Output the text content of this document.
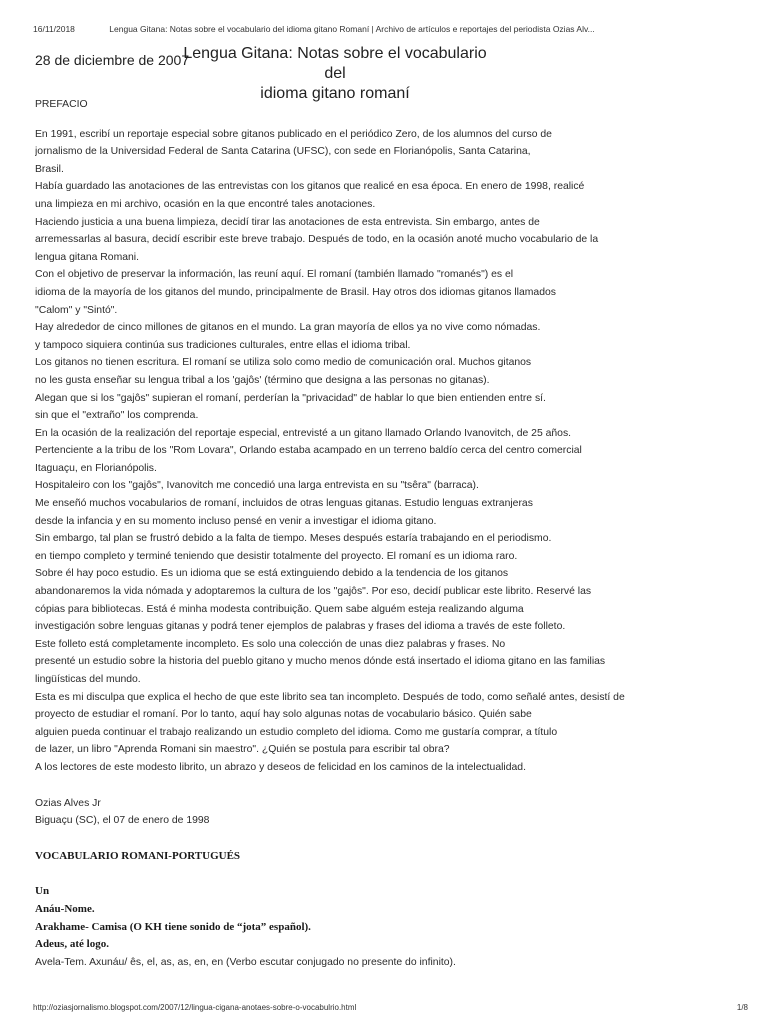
16/11/2018	Lengua Gitana: Notas sobre el vocabulario del idioma gitano Romaní | Archivo de artículos e reportajes del periodista Ozias Alv...
28 de diciembre de 2007
Lengua Gitana: Notas sobre el vocabulario del
idioma gitano romaní
PREFACIO
En 1991, escribí un reportaje especial sobre gitanos publicado en el periódico Zero, de los alumnos del curso de
jornalismo de la Universidad Federal de Santa Catarina (UFSC), con sede en Florianópolis, Santa Catarina,
Brasil.
Había guardado las anotaciones de las entrevistas con los gitanos que realicé en esa época. En enero de 1998, realicé
una limpieza en mi archivo, ocasión en la que encontré tales anotaciones.
Haciendo justicia a una buena limpieza, decidí tirar las anotaciones de esta entrevista. Sin embargo, antes de
arremessarlas al basura, decidí escribir este breve trabajo. Después de todo, en la ocasión anoté mucho vocabulario de la
lengua gitana Romani.
Con el objetivo de preservar la información, las reuní aquí. El romaní (también llamado "romanés") es el
idioma de la mayoría de los gitanos del mundo, principalmente de Brasil. Hay otros dos idiomas gitanos llamados
"Calom" y "Sintó".
Hay alrededor de cinco millones de gitanos en el mundo. La gran mayoría de ellos ya no vive como nómadas.
y tampoco siquiera continúa sus tradiciones culturales, entre ellas el idioma tribal.
Los gitanos no tienen escritura. El romaní se utiliza solo como medio de comunicación oral. Muchos gitanos
no les gusta enseñar su lengua tribal a los 'gajôs' (término que designa a las personas no gitanas).
Alegan que si los "gajôs" supieran el romaní, perderían la "privacidad" de hablar lo que bien entienden entre sí.
sin que el "extraño" los comprenda.
En la ocasión de la realización del reportaje especial, entrevisté a un gitano llamado Orlando Ivanovitch, de 25 años.
Pertenciente a la tribu de los "Rom Lovara", Orlando estaba acampado en un terreno baldío cerca del centro comercial
Itaguaçu, en Florianópolis.
Hospitaleiro con los "gajôs", Ivanovitch me concedió una larga entrevista en su "tsêra" (barraca).
Me enseñó muchos vocabularios de romaní, incluidos de otras lenguas gitanas. Estudio lenguas extranjeras
desde la infancia y en su momento incluso pensé en venir a investigar el idioma gitano.
Sin embargo, tal plan se frustró debido a la falta de tiempo. Meses después estaría trabajando en el periodismo.
en tiempo completo y terminé teniendo que desistir totalmente del proyecto. El romaní es un idioma raro.
Sobre él hay poco estudio. Es un idioma que se está extinguiendo debido a la tendencia de los gitanos
abandonaremos la vida nómada y adoptaremos la cultura de los "gajôs". Por eso, decidí publicar este librito. Reservé las
cópias para bibliotecas. Está é minha modesta contribuição. Quem sabe alguém esteja realizando alguma
investigación sobre lenguas gitanas y podrá tener ejemplos de palabras y frases del idioma a través de este folleto.
Este folleto está completamente incompleto. Es solo una colección de unas diez palabras y frases. No
presenté un estudio sobre la historia del pueblo gitano y mucho menos dónde está insertado el idioma gitano en las familias
lingüísticas del mundo.
Esta es mi disculpa que explica el hecho de que este librito sea tan incompleto. Después de todo, como señalé antes, desistí de
proyecto de estudiar el romaní. Por lo tanto, aquí hay solo algunas notas de vocabulario básico. Quién sabe
alguien pueda continuar el trabajo realizando un estudio completo del idioma. Como me gustaría comprar, a título
de lazer, un libro "Aprenda Romani sin maestro". ¿Quién se postula para escribir tal obra?
A los lectores de este modesto librito, un abrazo y deseos de felicidad en los caminos de la intelectualidad.
Ozias Alves Jr
Biguaçu (SC), el 07 de enero de 1998
VOCABULARIO ROMANI-PORTUGUÉS
Un
Anáu-Nome.
Arakhame- Camisa (O KH tiene sonido de “jota” español).
Adeus, até logo.
Avela-Tem. Axunáu/ ês, el, as, as, en, en (Verbo escutar conjugado no presente do infinito).
http://oziasjornalismo.blogspot.com/2007/12/lingua-cigana-anotaes-sobre-o-vocabulrio.html	1/8
